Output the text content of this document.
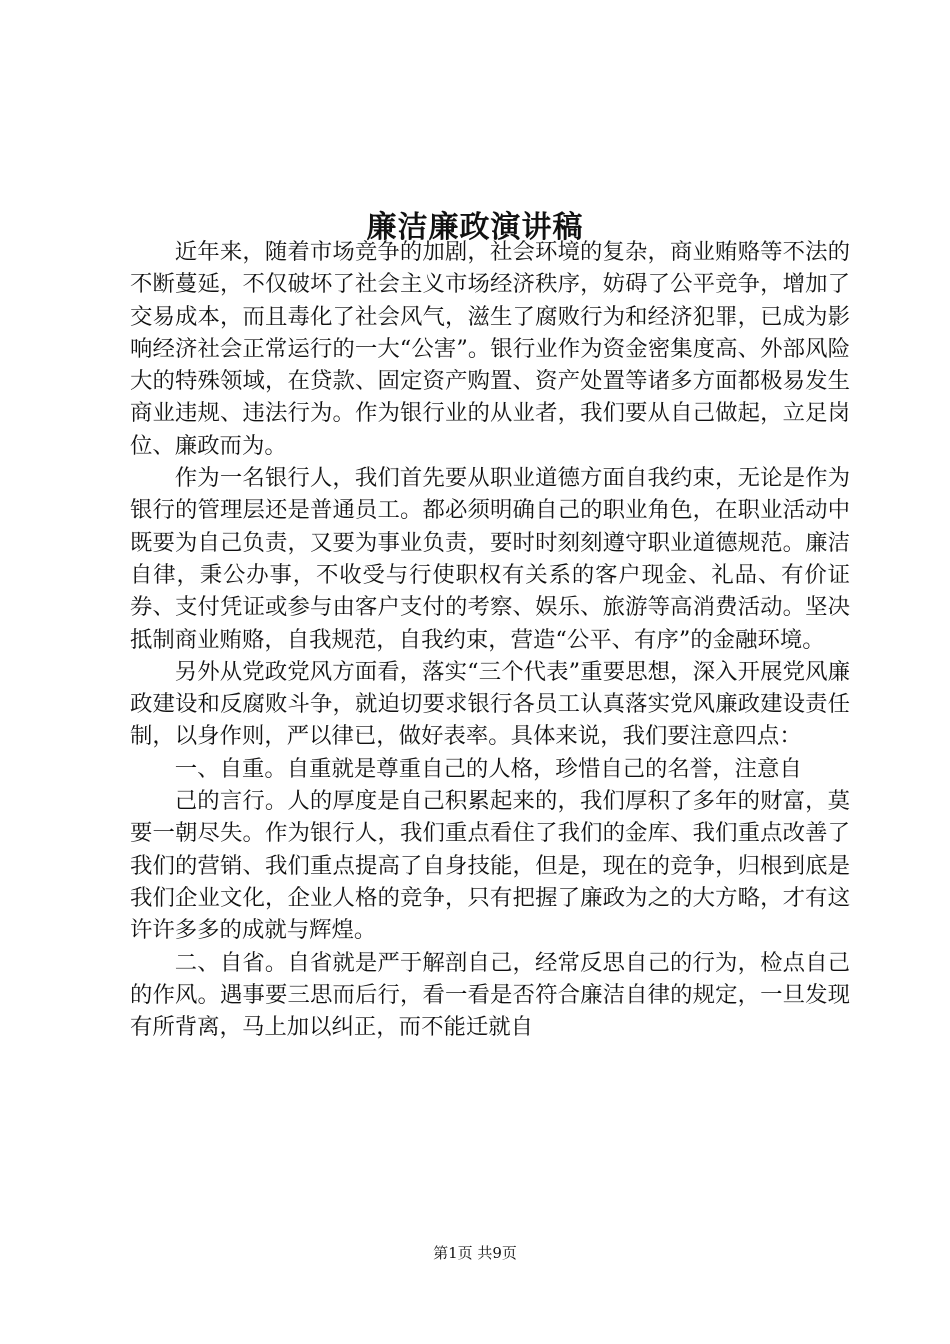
廉洁廉政演讲稿

近年来，随着市场竞争的加剧，社会环境的复杂，商业贿赂等不法的不断蔓延，不仅破坏了社会主义市场经济秩序，妨碍了公平竞争，增加了交易成本，而且毒化了社会风气，滋生了腐败行为和经济犯罪，已成为影响经济社会正常运行的一大“公害”。银行业作为资金密集度高、外部风险大的特殊领域，在贷款、固定资产购置、资产处置等诸多方面都极易发生商业违规、违法行为。作为银行业的从业者，我们要从自己做起，立足岗位、廉政而为。

作为一名银行人，我们首先要从职业道德方面自我约束，无论是作为银行的管理层还是普通员工。都必须明确自己的职业角色，在职业活动中既要为自己负责，又要为事业负责，要时时刻刻遵守职业道德规范。廉洁自律，秉公办事，不收受与行使职权有关系的客户现金、礼品、有价证券、支付凭证或参与由客户支付的考察、娱乐、旅游等高消费活动。坚决抵制商业贿赂，自我规范，自我约束，营造“公平、有序”的金融环境。

另外从党政党风方面看，落实“三个代表”重要思想，深入开展党风廉政建设和反腐败斗争，就迫切要求银行各员工认真落实党风廉政建设责任制，以身作则，严以律已，做好表率。具体来说，我们要注意四点：

一、自重。自重就是尊重自己的人格，珍惜自己的名誉，注意自

己的言行。人的厚度是自己积累起来的，我们厚积了多年的财富，莫要一朝尽失。作为银行人，我们重点看住了我们的金库、我们重点改善了我们的营销、我们重点提高了自身技能，但是，现在的竞争，归根到底是我们企业文化，企业人格的竞争，只有把握了廉政为之的大方略，才有这许许多多的成就与辉煌。

二、自省。自省就是严于解剖自己，经常反思自己的行为，检点自己的作风。遇事要三思而后行，看一看是否符合廉洁自律的规定，一旦发现有所背离，马上加以纠正，而不能迁就自

第1页 共9页
